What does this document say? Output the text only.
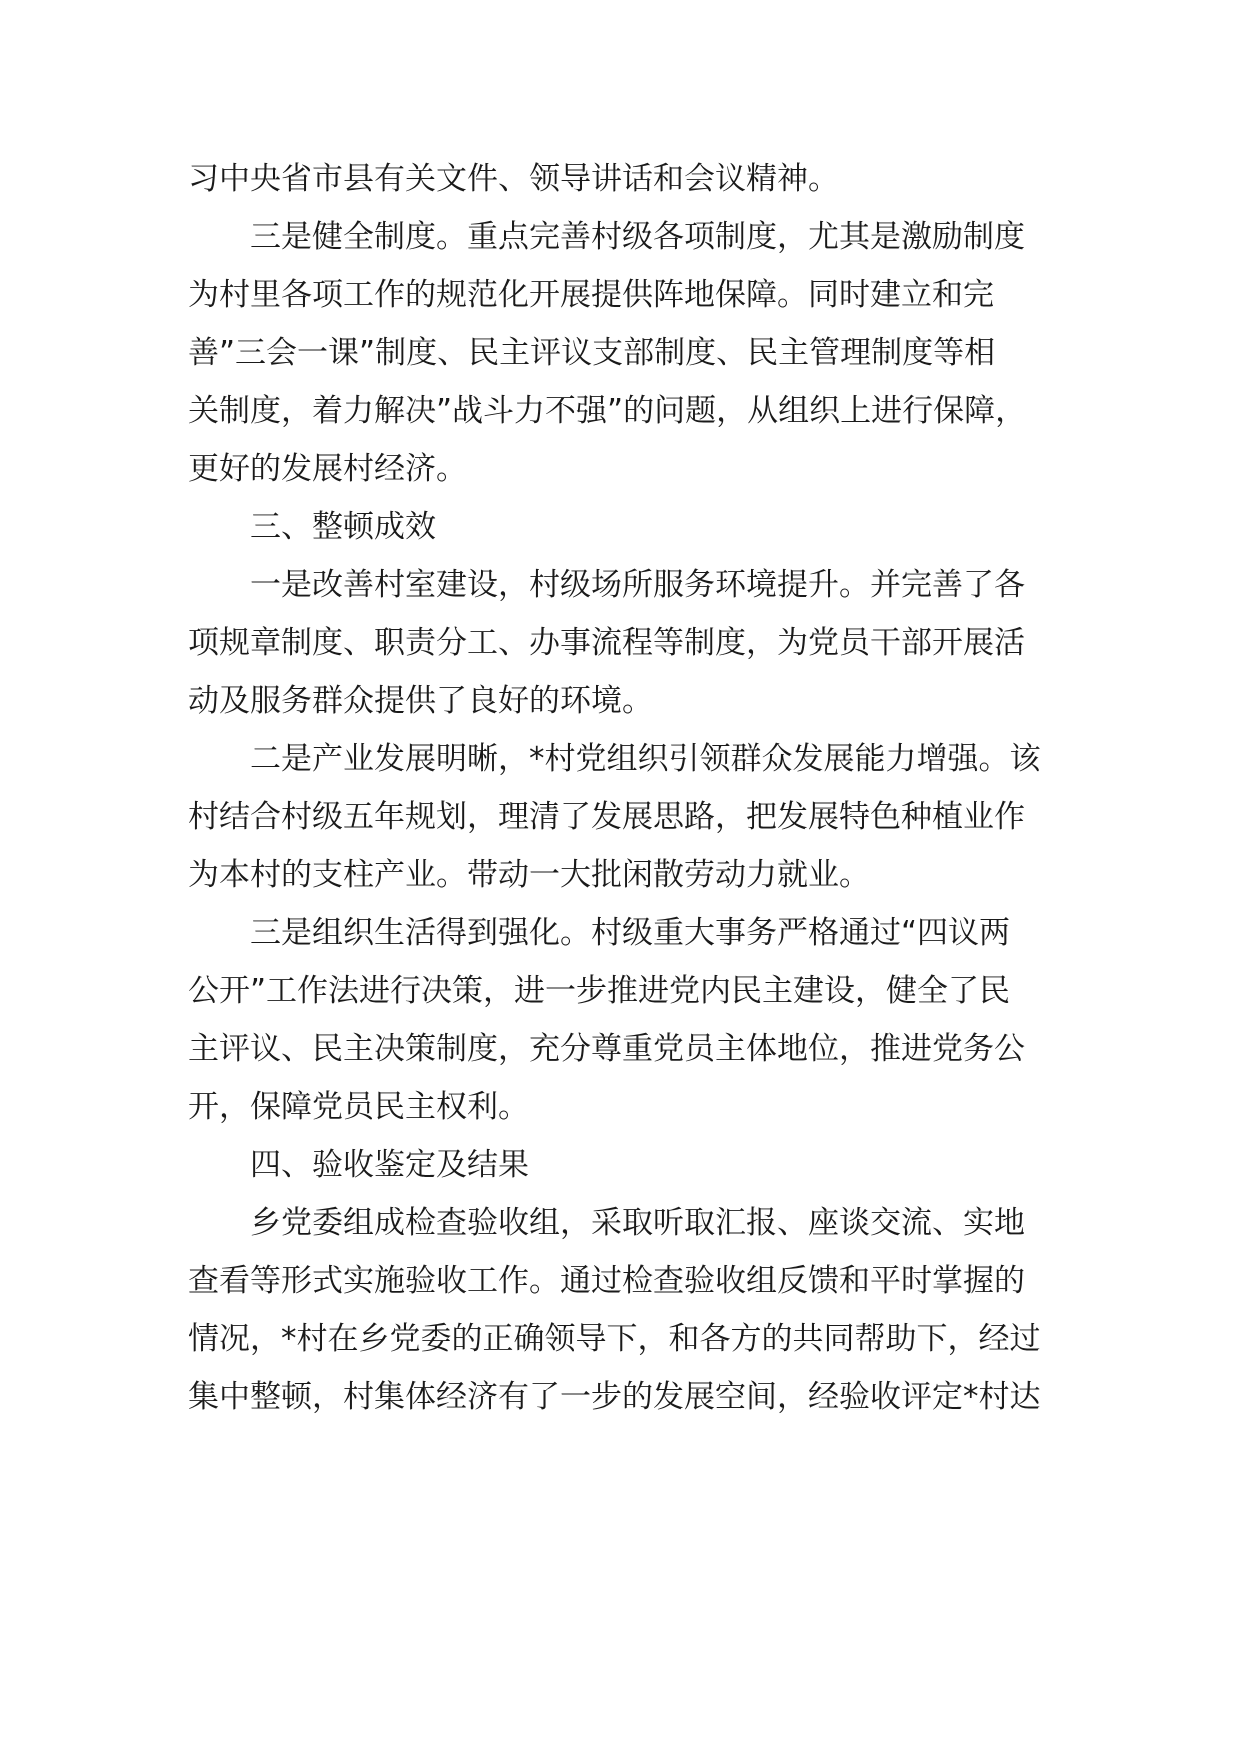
习中央省市县有关文件、领导讲话和会议精神。
三是健全制度。重点完善村级各项制度，尤其是激励制度
为村里各项工作的规范化开展提供阵地保障。同时建立和完
善”三会一课”制度、民主评议支部制度、民主管理制度等相
关制度，着力解决”战斗力不强”的问题，从组织上进行保障，
更好的发展村经济。
三、整顿成效
一是改善村室建设，村级场所服务环境提升。并完善了各
项规章制度、职责分工、办事流程等制度，为党员干部开展活
动及服务群众提供了良好的环境。
二是产业发展明晰，*村党组织引领群众发展能力增强。该
村结合村级五年规划，理清了发展思路，把发展特色种植业作
为本村的支柱产业。带动一大批闲散劳动力就业。
三是组织生活得到强化。村级重大事务严格通过“四议两
公开”工作法进行决策，进一步推进党内民主建设，健全了民
主评议、民主决策制度，充分尊重党员主体地位，推进党务公
开，保障党员民主权利。
四、验收鉴定及结果
乡党委组成检查验收组，采取听取汇报、座谈交流、实地
查看等形式实施验收工作。通过检查验收组反馈和平时掌握的
情况，*村在乡党委的正确领导下，和各方的共同帮助下，经过
集中整顿，村集体经济有了一步的发展空间，经验收评定*村达
